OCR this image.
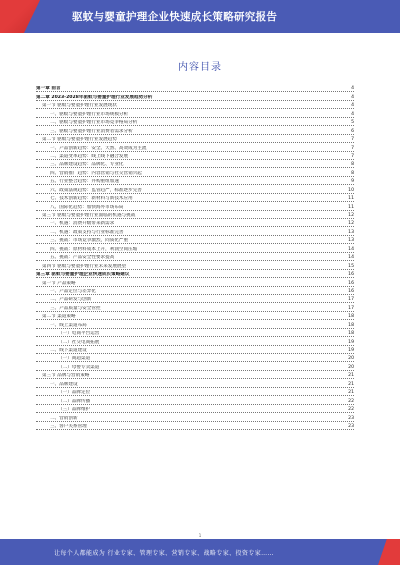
驱蚊与婴童护理企业快速成长策略研究报告
内容目录
第一章 前言	4
第二章 2023-2028年驱蚊与婴童护理行业发展趋势分析	4
第一节 驱蚊与婴童护理行业发展现状	4
一、驱蚊与婴童护理行业市场规模分析	4
二、驱蚊与婴童护理行业市场竞争格局分析	5
三、驱蚊与婴童护理行业消费者需求分析	6
第二节 驱蚊与婴童护理行业发展趋势	7
一、产品创新趋势：安全、天然、高效成为主流	7
二、渠道变革趋势：线上线下融合发展	7
三、品牌建设趋势：品牌化、专业化	8
四、营销推广趋势：内容营销与社交营销兴起	8
五、行业整合趋势：并购重组加速	9
六、政策法规趋势：监管趋严，标准逐步完善	10
七、技术创新趋势：新材料与新技术应用	11
八、国际化趋势：加快海外市场布局	11
第三节 驱蚊与婴童护理行业面临的机遇与挑战	12
一、机遇：消费升级带来新需求	12
二、机遇：政策支持与行业标准完善	13
三、挑战：市场竞争激烈，同质化严重	13
四、挑战：原材料成本上升，利润空间压缩	14
五、挑战：产品安全性要求提高	14
第四节 驱蚊与婴童护理行业未来发展展望	15
第三章 驱蚊与婴童护理企业快速成长策略建议	16
第一节 产品策略	16
一、产品定位与差异化	16
二、产品研发与创新	17
三、产品质量与安全管控	17
第二节 渠道策略	18
一、线上渠道布局	18
（一）电商平台运营	18
（二）社交电商拓展	19
二、线下渠道建设	19
（一）商超渠道	20
（二）母婴专卖渠道	20
第三节 品牌与营销策略	21
一、品牌建设	21
（一）品牌定位	21
（二）品牌传播	22
（三）品牌维护	22
二、营销创新	23
三、客户关系管理	23
1
让每个人都能成为 行业专家、管理专家、营销专家、战略专家、投资专家……
